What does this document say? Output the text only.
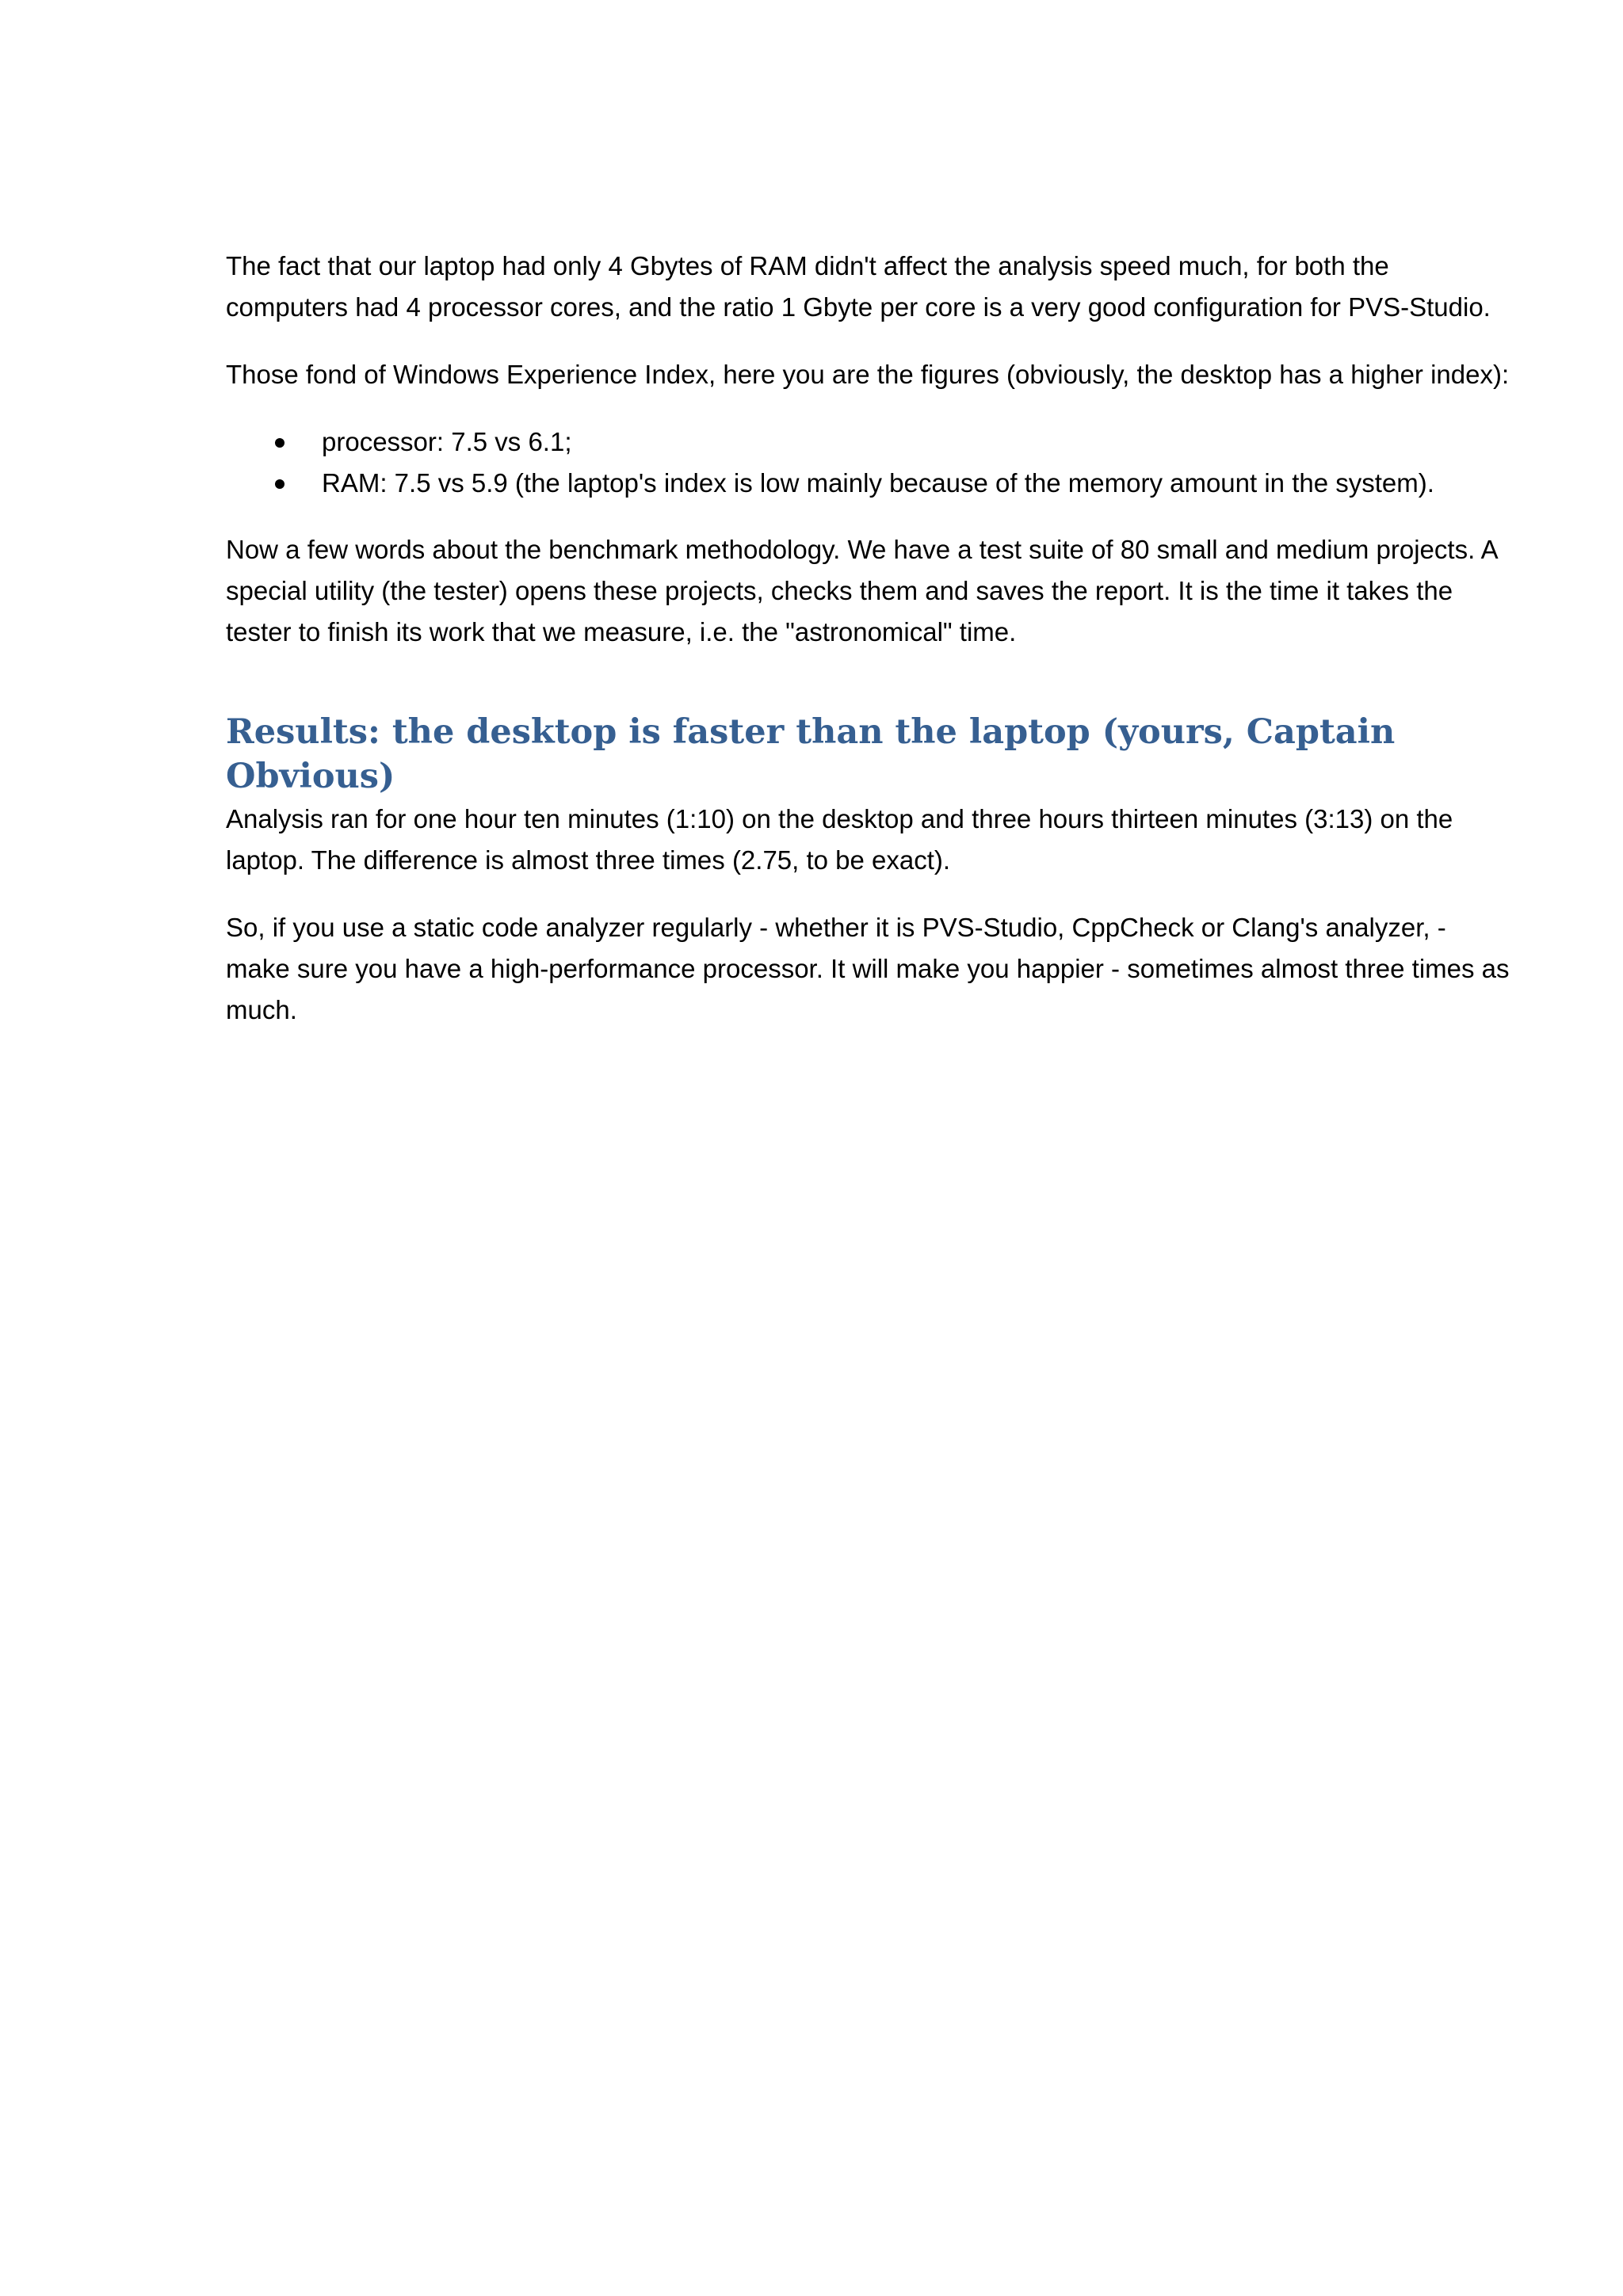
The fact that our laptop had only 4 Gbytes of RAM didn't affect the analysis speed much, for both the computers had 4 processor cores, and the ratio 1 Gbyte per core is a very good configuration for PVS-Studio.

Those fond of Windows Experience Index, here you are the figures (obviously, the desktop has a higher index):

processor: 7.5 vs 6.1;
RAM: 7.5 vs 5.9 (the laptop's index is low mainly because of the memory amount in the system).

Now a few words about the benchmark methodology. We have a test suite of 80 small and medium projects. A special utility (the tester) opens these projects, checks them and saves the report. It is the time it takes the tester to finish its work that we measure, i.e. the "astronomical" time.

Results: the desktop is faster than the laptop (yours, Captain Obvious)

Analysis ran for one hour ten minutes (1:10) on the desktop and three hours thirteen minutes (3:13) on the laptop. The difference is almost three times (2.75, to be exact).

So, if you use a static code analyzer regularly - whether it is PVS-Studio, CppCheck or Clang's analyzer, - make sure you have a high-performance processor. It will make you happier - sometimes almost three times as much.
